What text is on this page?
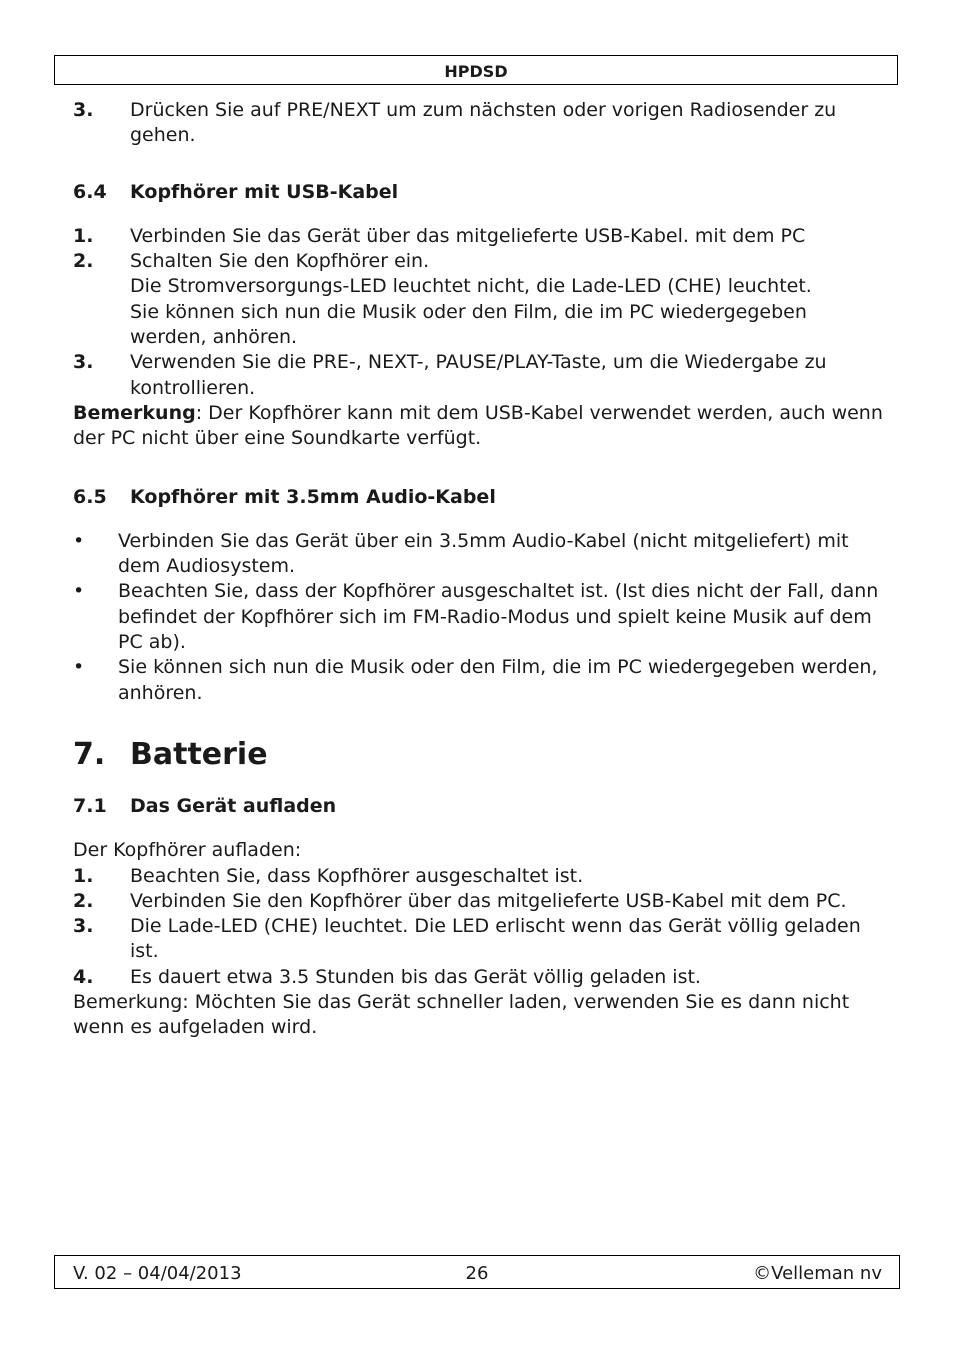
HPDSD
3.	Drücken Sie auf PRE/NEXT um zum nächsten oder vorigen Radiosender zu gehen.
6.4	Kopfhörer mit USB-Kabel
1.	Verbinden Sie das Gerät über das mitgelieferte USB-Kabel. mit dem PC
2.	Schalten Sie den Kopfhörer ein.

Die Stromversorgungs-LED leuchtet nicht, die Lade-LED (CHE) leuchtet.

Sie können sich nun die Musik oder den Film, die im PC wiedergegeben werden, anhören.

3.	Verwenden Sie die PRE-, NEXT-, PAUSE/PLAY-Taste, um die Wiedergabe zu kontrollieren.

Bemerkung: Der Kopfhörer kann mit dem USB-Kabel verwendet werden, auch wenn der PC nicht über eine Soundkarte verfügt.

6.5	Kopfhörer mit 3.5mm Audio-Kabel
•	Verbinden Sie das Gerät über ein 3.5mm Audio-Kabel (nicht mitgeliefert) mit dem Audiosystem.
•	Beachten Sie, dass der Kopfhörer ausgeschaltet ist. (Ist dies nicht der Fall, dann befindet der Kopfhörer sich im FM-Radio-Modus und spielt keine Musik auf dem PC ab).
•	Sie können sich nun die Musik oder den Film, die im PC wiedergegeben werden, anhören.
7. Batterie
7.1	Das Gerät aufladen

Der Kopfhörer aufladen:

1.	Beachten Sie, dass Kopfhörer ausgeschaltet ist.
2.	Verbinden Sie den Kopfhörer über das mitgelieferte USB-Kabel mit dem PC.
3.	Die Lade-LED (CHE) leuchtet. Die LED erlischt wenn das Gerät völlig geladen ist.
4.	Es dauert etwa 3.5 Stunden bis das Gerät völlig geladen ist.

Bemerkung: Möchten Sie das Gerät schneller laden, verwenden Sie es dann nicht  wenn es aufgeladen wird.

V. 02 – 04/04/2013	26	©Velleman nv
